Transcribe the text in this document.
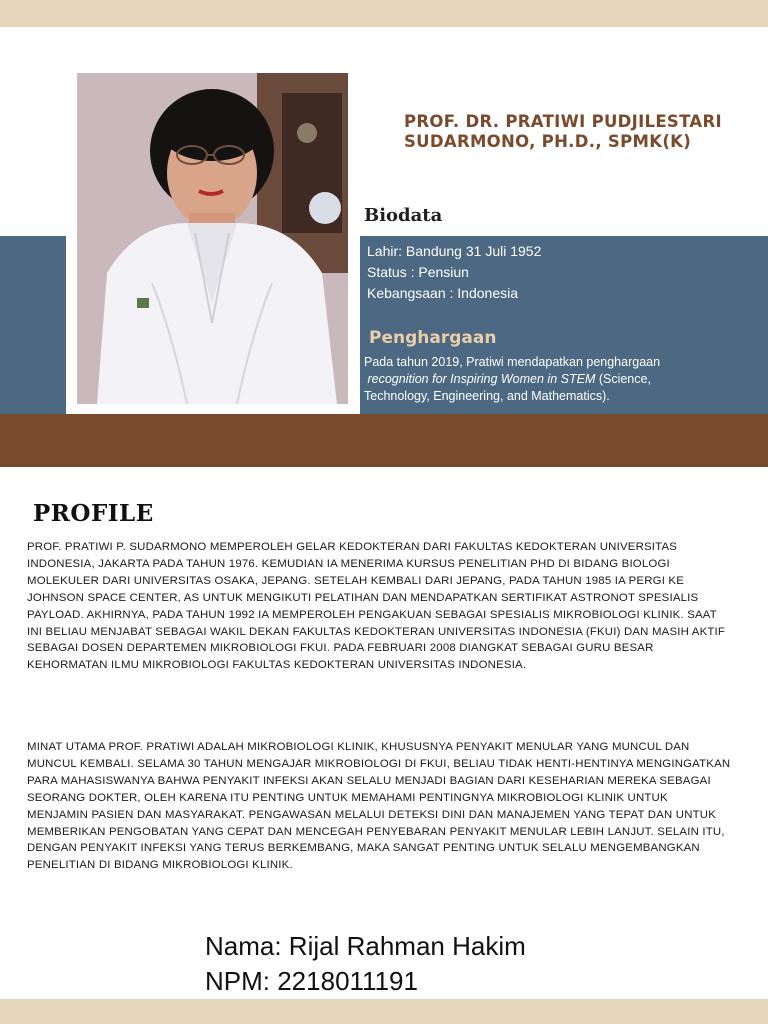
PROF. DR. PRATIWI PUDJILESTARI
SUDARMONO, PH.D., SPMK(K)
Biodata
Lahir: Bandung 31 Juli 1952
Status : Pensiun
Kebangsaan : Indonesia
Penghargaan
Pada tahun 2019, Pratiwi mendapatkan penghargaan
recognition for Inspiring Women in STEM (Science,
Technology, Engineering, and Mathematics).
PROFILE
PROF. PRATIWI P. SUDARMONO MEMPEROLEH GELAR KEDOKTERAN DARI FAKULTAS KEDOKTERAN UNIVERSITAS INDONESIA, JAKARTA PADA TAHUN 1976. KEMUDIAN IA MENERIMA KURSUS PENELITIAN PHD DI BIDANG BIOLOGI MOLEKULER DARI UNIVERSITAS OSAKA, JEPANG. SETELAH KEMBALI DARI JEPANG, PADA TAHUN 1985 IA PERGI KE JOHNSON SPACE CENTER, AS UNTUK MENGIKUTI PELATIHAN DAN MENDAPATKAN SERTIFIKAT ASTRONOT SPESIALIS PAYLOAD. AKHIRNYA, PADA TAHUN 1992 IA MEMPEROLEH PENGAKUAN SEBAGAI SPESIALIS MIKROBIOLOGI KLINIK. SAAT INI BELIAU MENJABAT SEBAGAI WAKIL DEKAN FAKULTAS KEDOKTERAN UNIVERSITAS INDONESIA (FKUI) DAN MASIH AKTIF SEBAGAI DOSEN DEPARTEMEN MIKROBIOLOGI FKUI. PADA FEBRUARI 2008 DIANGKAT SEBAGAI GURU BESAR KEHORMATAN ILMU MIKROBIOLOGI FAKULTAS KEDOKTERAN UNIVERSITAS INDONESIA.
MINAT UTAMA PROF. PRATIWI ADALAH MIKROBIOLOGI KLINIK, KHUSUSNYA PENYAKIT MENULAR YANG MUNCUL DAN MUNCUL KEMBALI. SELAMA 30 TAHUN MENGAJAR MIKROBIOLOGI DI FKUI, BELIAU TIDAK HENTI-HENTINYA MENGINGATKAN PARA MAHASISWANYA BAHWA PENYAKIT INFEKSI AKAN SELALU MENJADI BAGIAN DARI KESEHARIAN MEREKA SEBAGAI SEORANG DOKTER, OLEH KARENA ITU PENTING UNTUK MEMAHAMI PENTINGNYA MIKROBIOLOGI KLINIK UNTUK MENJAMIN PASIEN DAN MASYARAKAT. PENGAWASAN MELALUI DETEKSI DINI DAN MANAJEMEN YANG TEPAT DAN UNTUK MEMBERIKAN PENGOBATAN YANG CEPAT DAN MENCEGAH PENYEBARAN PENYAKIT MENULAR LEBIH LANJUT. SELAIN ITU, DENGAN PENYAKIT INFEKSI YANG TERUS BERKEMBANG, MAKA SANGAT PENTING UNTUK SELALU MENGEMBANGKAN PENELITIAN DI BIDANG MIKROBIOLOGI KLINIK.
Nama: Rijal Rahman Hakim
NPM: 2218011191
